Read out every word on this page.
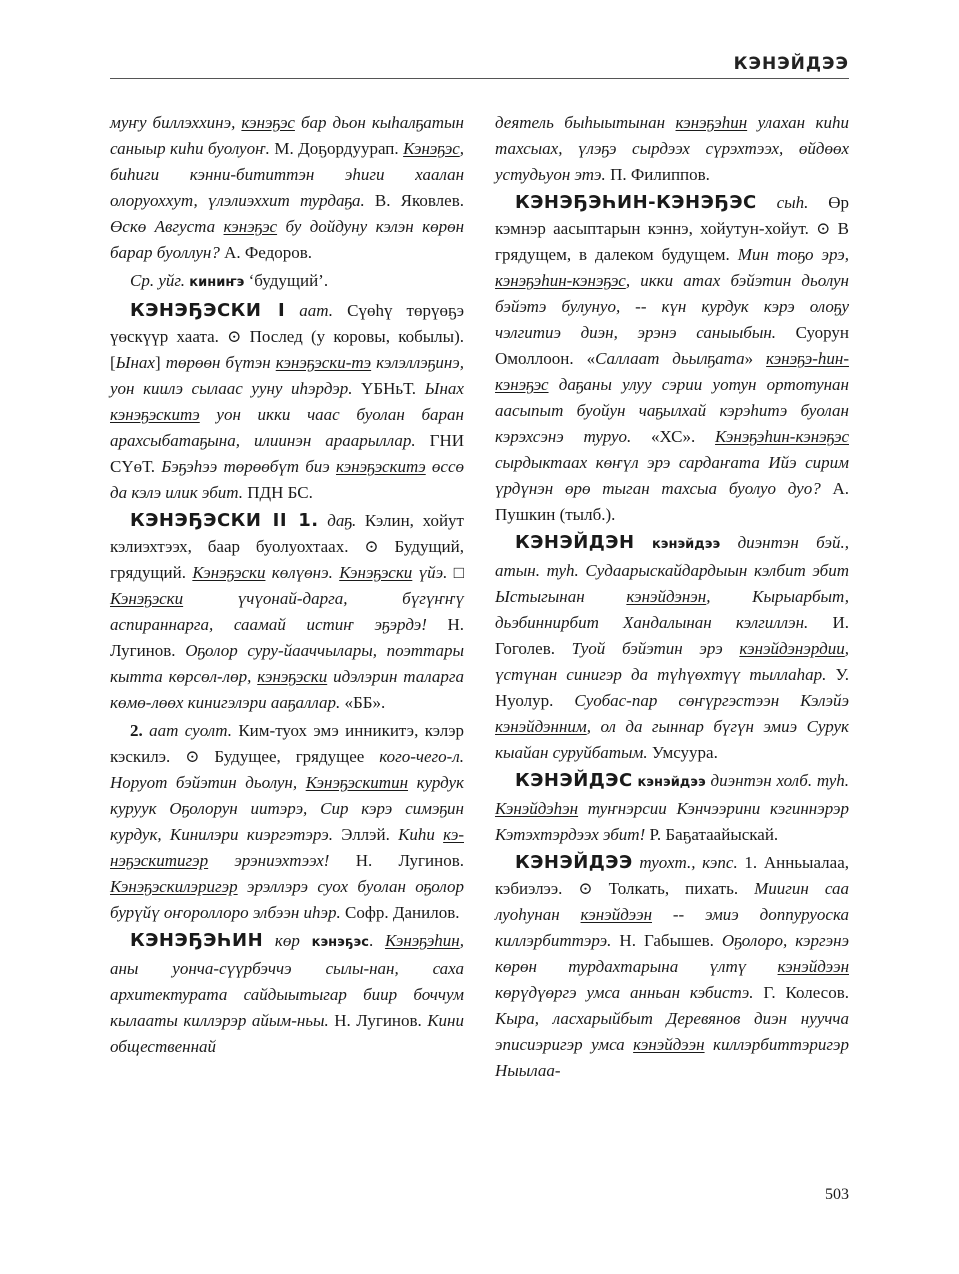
КЭНЭЙДЭЭ

муҥу биллэххинэ, кэнэҕэс бар дьон кыһалҕатын саныыр киһи буолуоҥ. М. Доҕордуурап. Кэнэҕэс, биһиги кэнни-бититтэн эһиги хаалан олоруоххут, үлэлиэххит турдаҕа. В. Яковлев. Өскө Августа кэнэҕэс бу дойдуну кэлэн көрөн барар буоллун? А. Федоров.

Ср. уйг. киниҥэ ‘будущий’.

КЭНЭҔЭСКИ I аат. Сүөһү төрүөҕэ үөскүүр хаата. ⊙ Послед (у коровы, кобылы). [Ынах] төрөөн бүтэн кэнэҕэски-тэ кэлэллэҕинэ, уон киилэ сылаас ууну иһэрдэр. ҮБНьТ. Ынах кэнэҕэскитэ уон икки чаас буолан баран арахсыбатаҕына, илиинэн араарыллар. ГНИ СҮөТ. Бэҕэһээ төрөөбүт биэ кэнэҕэскитэ өссө да кэлэ илик эбит. ПДН БС.

КЭНЭҔЭСКИ II 1. даҕ. Кэлин, хойут кэлиэхтээх, баар буолуохтаах. ⊙ Будущий, грядущий. Кэнэҕэски көлүөнэ. Кэнэҕэски үйэ. □ Кэнэҕэски үчүонай-дарга, бүгүҥҥү аспираннарга, саамай истиҥ эҕэрдэ! Н. Лугинов. Оҕолор суру-йааччылары, поэттары кытта көрсөл-лөр, кэнэҕэски идэлэрин таларга көмө-лөөх кинигэлэри ааҕаллар. «ББ».

2. аат суолт. Ким-туох эмэ инникитэ, кэлэр кэскилэ. ⊙ Будущее, грядущее кого-чего-л. Норуот бэйэтин дьолун, Кэнэҕэскитин курдук куруук Оҕолорун иитэрэ, Сир кэрэ симэҕин курдук, Кинилэри киэргэтэрэ. Эллэй. Киһи кэ-нэҕэскитигэр эрэниэхтээх! Н. Лугинов. Кэнэҕэскилэригэр эрэллэрэ суох буолан оҕолор бурүйү оҥороллоро элбээн иһэр. Софр. Данилов.

КЭНЭҔЭҺИН көр кэнэҕэс. Кэнэҕэһин, аны уонча-сүүрбэччэ сылы-нан, саха архитектурата сайдыытыгар биир боччум кылааты киллэрэр айым-ньы. Н. Лугинов. Кини общественнай

деятель быһыытынан кэнэҕэһин улахан киһи тахсыах, үлэҕэ сырдээх сүрэхтээх, өйдөөх устудьуон этэ. П. Филиппов.

КЭНЭҔЭҺИН-КЭНЭҔЭС сыһ. Өр кэмнэр аасыптарын кэннэ, хойутун-хойут. ⊙ В грядущем, в далеком будущем. Мин тоҕо эрэ, кэнэҕэһин-кэнэҕэс, икки атах бэйэтин дьолун бэйэтэ булунуо, -- күн курдук кэрэ олоҕу чэлгитиэ диэн, эрэнэ саныыбын. Суорун Омоллоон. «Саллаат дьылҕата» кэнэҕэ-һин-кэнэҕэс даҕаны улуу сэрии уотун ортотунан аасыпыт буойун чаҕылхай кэрэһитэ буолан кэрэхсэнэ туруо. «ХС». Кэнэҕэһин-кэнэҕэс сырдыктаах көҥүл эрэ сардаҥата Ийэ сирим үрдүнэн өрө тыган тахсыа буолуо дуо? А. Пушкин (тылб.).

КЭНЭЙДЭН кэнэйдээ диэнтэн бэй., атын. туһ. Судаарыскайдардыын кэлбит эбит Ыстыгынан кэнэйдэнэн, Кырыарбыт, дьэбиннирбит Хандалынан кэлгиллэн. И. Гоголев. Туой бэйэтин эрэ кэнэйдэнэрдии, үстүнан синигэр да түһүөхтүү тыллаһар. У. Нуолур. Суобас-пар сөҥүргэстээн Кэлэйэ кэнэйдэнним, ол да гыннар бүгүн эмиэ Сурук кыайан суруйбатым. Умсуура.

КЭНЭЙДЭС кэнэйдээ диэнтэн холб. туһ. Кэнэйдэһэн туҥнэрсии Кэнчээрини кэгиннэрэр Кэтэхтэрдээх эбит! Р. Баҕатаайыскай.

КЭНЭЙДЭЭ туохт., кэпс. 1. Анньыалаа, кэбиэлээ. ⊙ Толкать, пихать. Миигин саа луоһунан кэнэйдээн -- эмиэ доппуруоска киллэрбиттэрэ. Н. Габышев. Оҕолоро, кэргэнэ көрөн турдахтарына үлтү кэнэйдээн көрүдүөргэ умса анньан кэбистэ. Г. Колесов. Кыра, ласхарыйбыт Деревянов диэн нуучча эписиэригэр умса кэнэйдээн киллэрбиттэригэр Ныылаа-

503
